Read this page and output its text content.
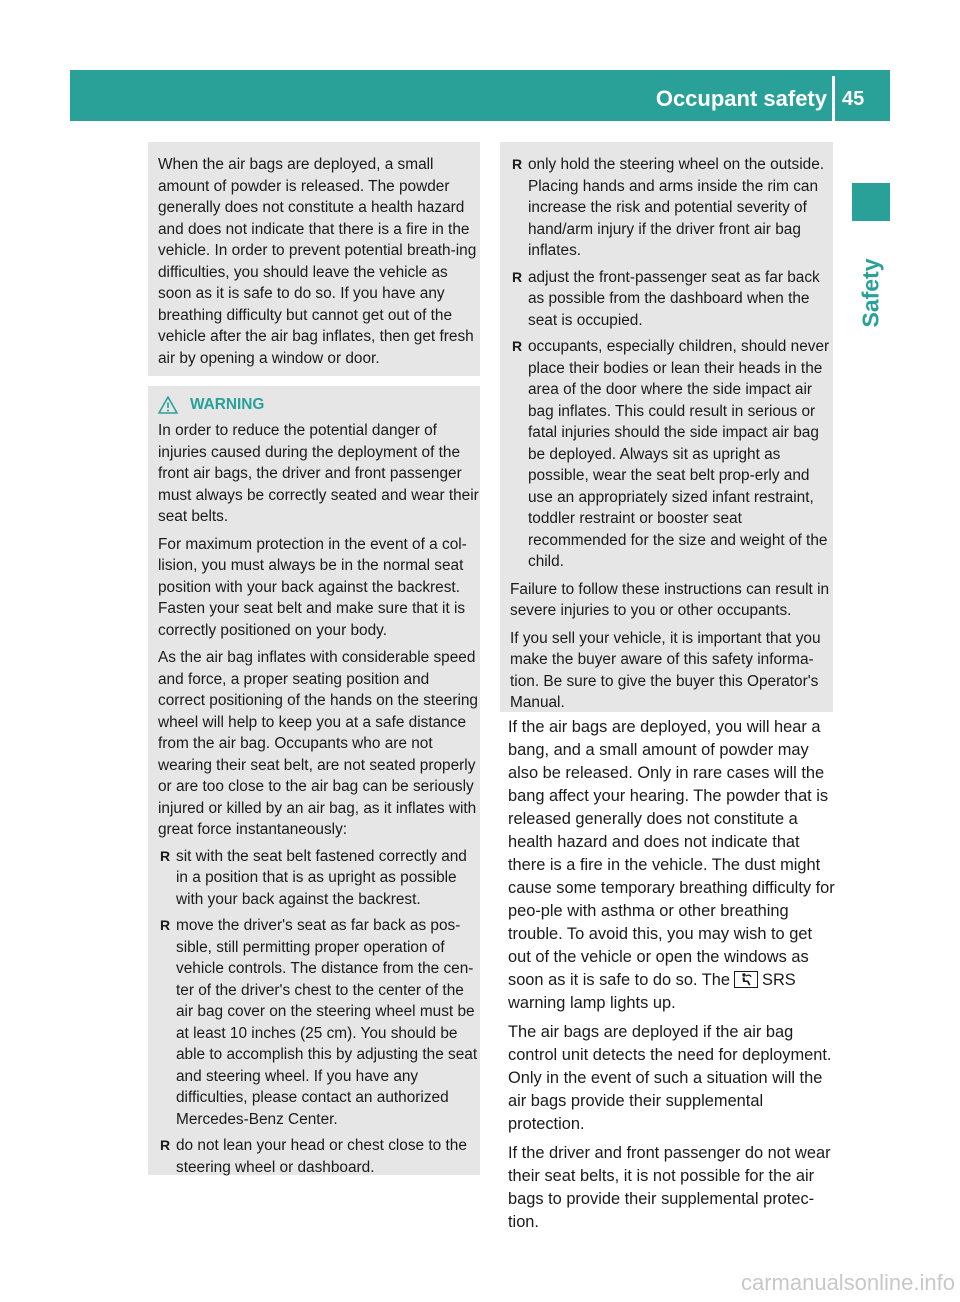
Occupant safety 45
Safety

When the air bags are deployed, a small amount of powder is released. The powder generally does not constitute a health hazard and does not indicate that there is a fire in the vehicle. In order to prevent potential breath-ing difficulties, you should leave the vehicle as soon as it is safe to do so. If you have any breathing difficulty but cannot get out of the vehicle after the air bag inflates, then get fresh air by opening a window or door.

WARNING

In order to reduce the potential danger of injuries caused during the deployment of the front air bags, the driver and front passenger must always be correctly seated and wear their seat belts.

For maximum protection in the event of a col-lision, you must always be in the normal seat position with your back against the backrest. Fasten your seat belt and make sure that it is correctly positioned on your body.

As the air bag inflates with considerable speed and force, a proper seating position and correct positioning of the hands on the steering wheel will help to keep you at a safe distance from the air bag. Occupants who are not wearing their seat belt, are not seated properly or are too close to the air bag can be seriously injured or killed by an air bag, as it inflates with great force instantaneously:

R sit with the seat belt fastened correctly and in a position that is as upright as possible with your back against the backrest.
R move the driver's seat as far back as pos-sible, still permitting proper operation of vehicle controls. The distance from the cen-ter of the driver's chest to the center of the air bag cover on the steering wheel must be at least 10 inches (25 cm). You should be able to accomplish this by adjusting the seat and steering wheel. If you have any difficulties, please contact an authorized Mercedes-Benz Center.
R do not lean your head or chest close to the steering wheel or dashboard.
R only hold the steering wheel on the outside. Placing hands and arms inside the rim can increase the risk and potential severity of hand/arm injury if the driver front air bag inflates.
R adjust the front-passenger seat as far back as possible from the dashboard when the seat is occupied.
R occupants, especially children, should never place their bodies or lean their heads in the area of the door where the side impact air bag inflates. This could result in serious or fatal injuries should the side impact air bag be deployed. Always sit as upright as possible, wear the seat belt prop-erly and use an appropriately sized infant restraint, toddler restraint or booster seat recommended for the size and weight of the child.

Failure to follow these instructions can result in severe injuries to you or other occupants.

If you sell your vehicle, it is important that you make the buyer aware of this safety informa-tion. Be sure to give the buyer this Operator's Manual.

If the air bags are deployed, you will hear a bang, and a small amount of powder may also be released. Only in rare cases will the bang affect your hearing. The powder that is released generally does not constitute a health hazard and does not indicate that there is a fire in the vehicle. The dust might cause some temporary breathing difficulty for peo-ple with asthma or other breathing trouble. To avoid this, you may wish to get out of the vehicle or open the windows as soon as it is safe to do so. The SRS warning lamp lights up.

The air bags are deployed if the air bag control unit detects the need for deployment. Only in the event of such a situation will the air bags provide their supplemental protection.

If the driver and front passenger do not wear their seat belts, it is not possible for the air bags to provide their supplemental protec-tion.

carmanualsonline.info
